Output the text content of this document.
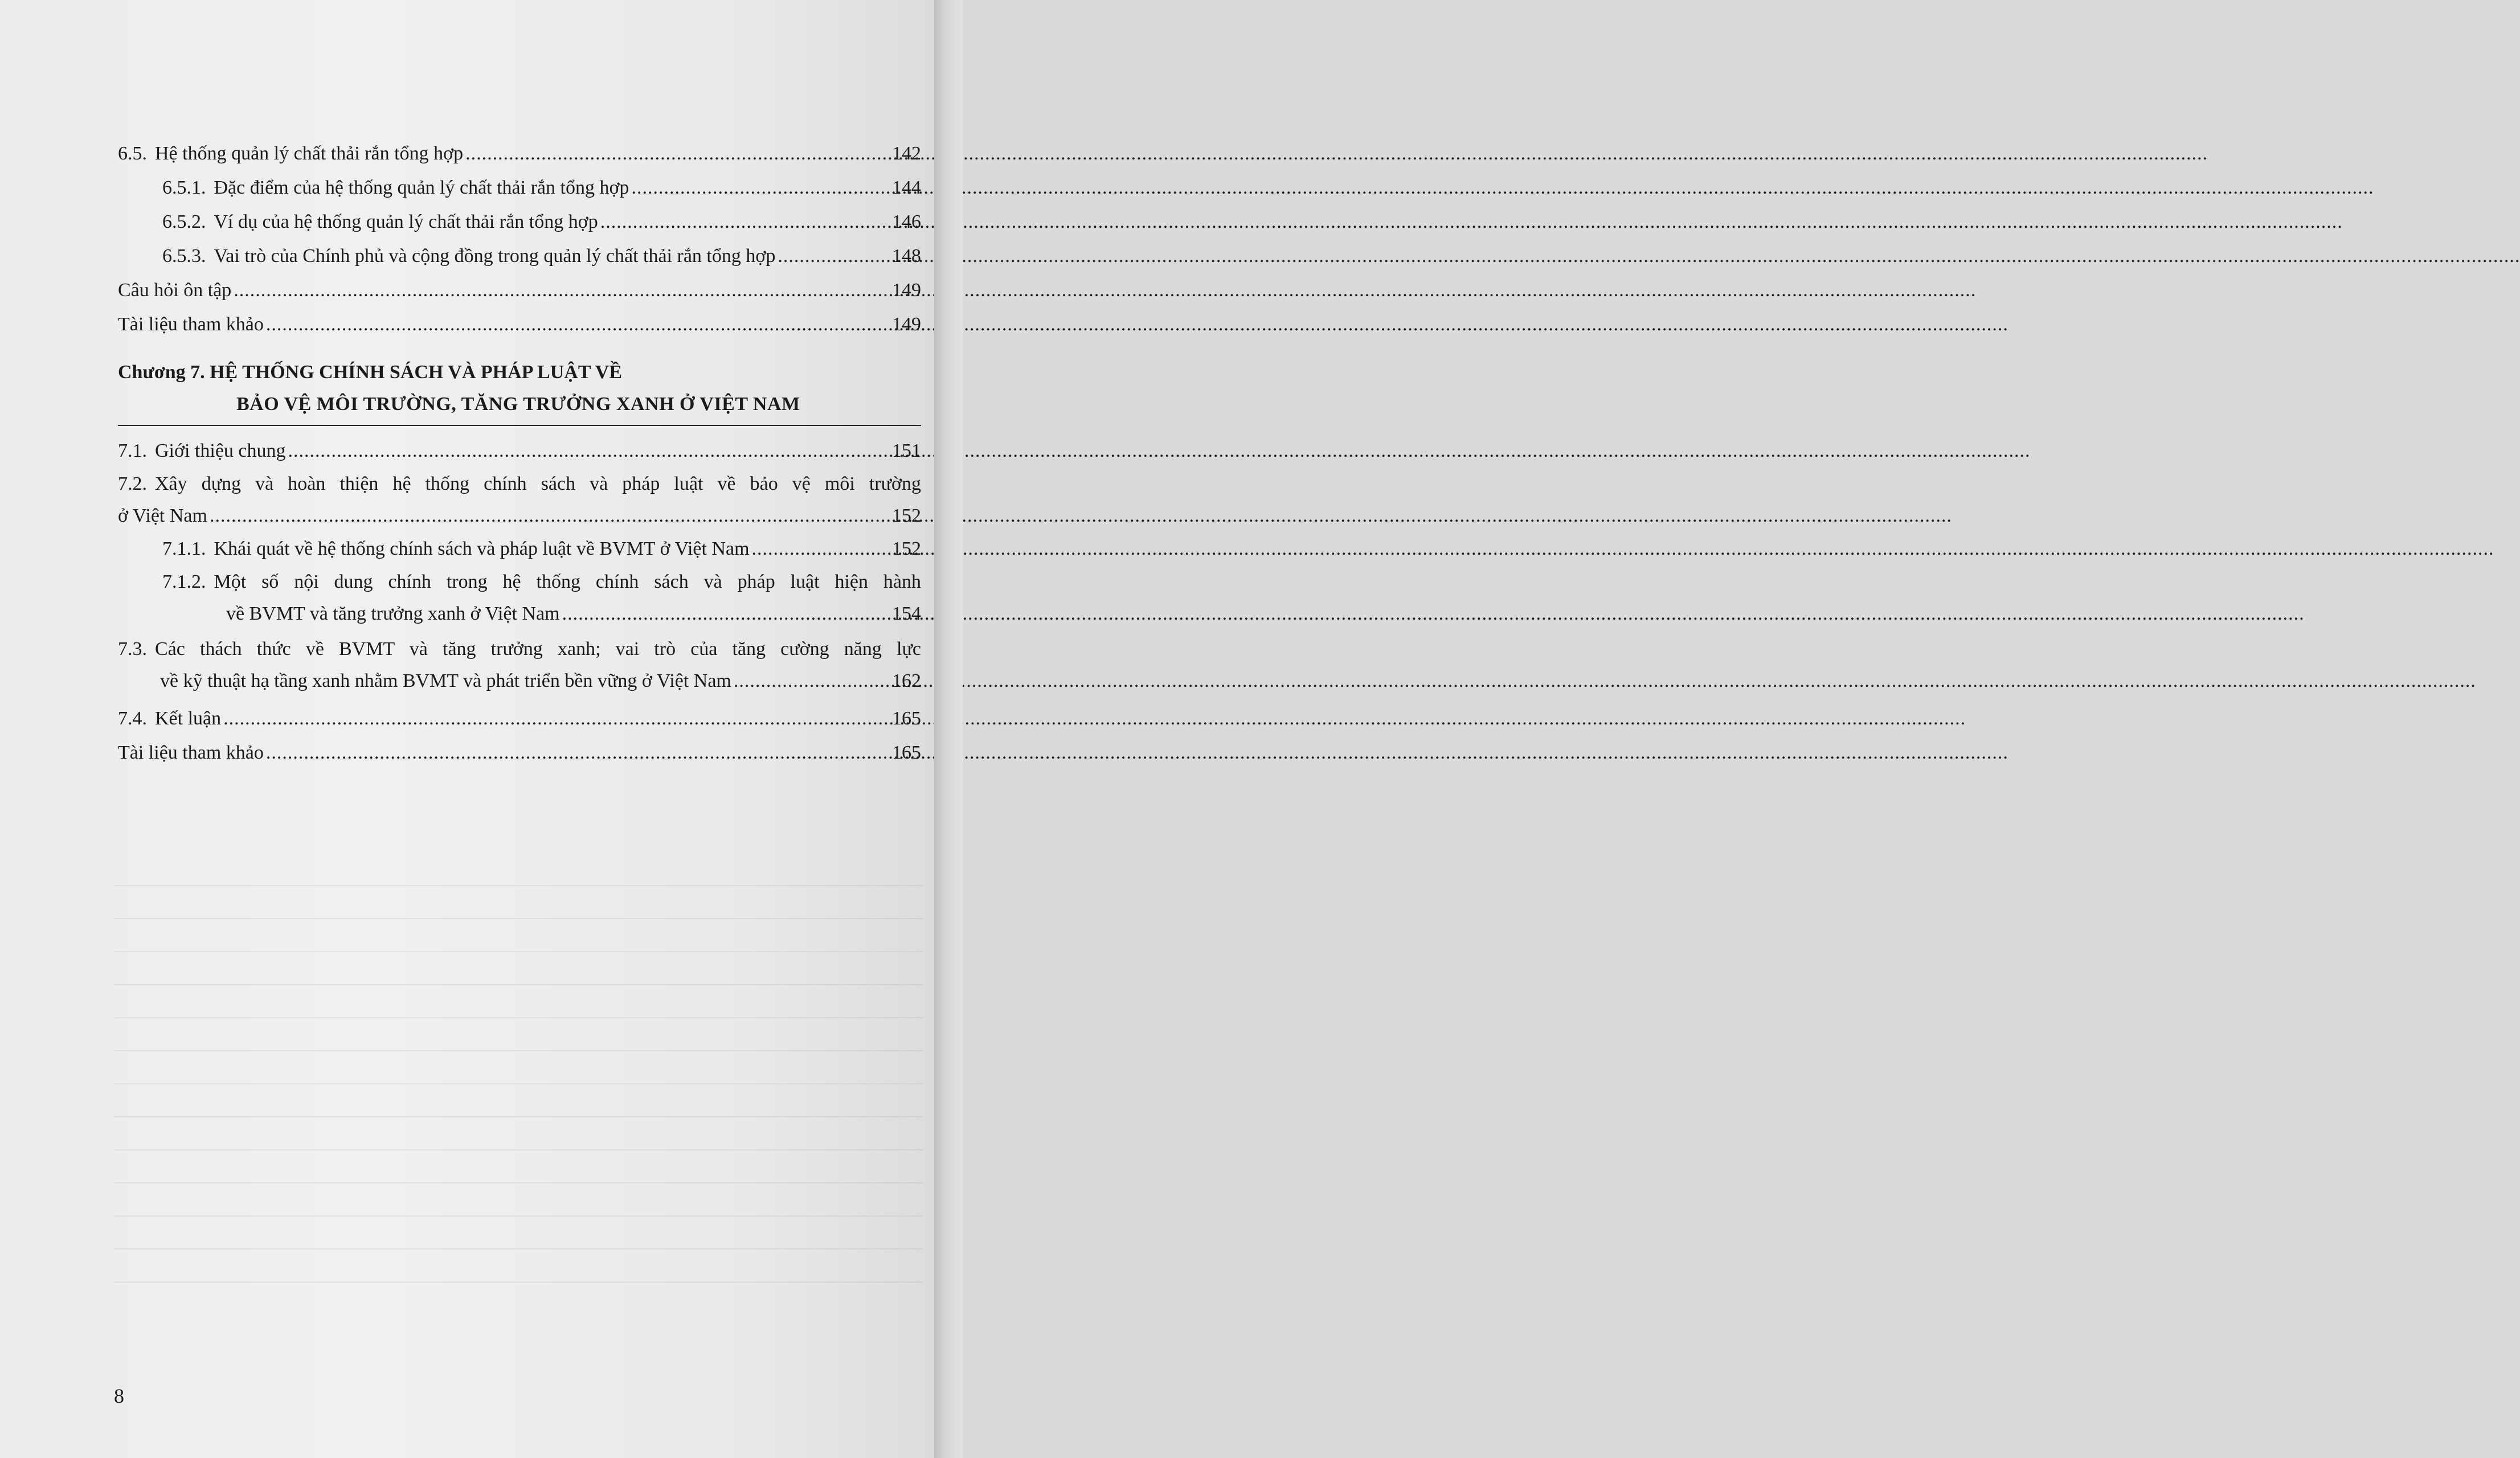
6.5. Hệ thống quản lý chất thải rắn tổng hợp .....	142
6.5.1. Đặc điểm của hệ thống quản lý chất thải rắn tổng hợp .....	144
6.5.2. Ví dụ của hệ thống quản lý chất thải rắn tổng hợp .....	146
6.5.3. Vai trò của Chính phủ và cộng đồng trong quản lý chất thải rắn tổng hợp .....	148
Câu hỏi ôn tập .....	149
Tài liệu tham khảo .....	149
Chương 7. HỆ THỐNG CHÍNH SÁCH VÀ PHÁP LUẬT VỀ
BẢO VỆ MÔI TRƯỜNG, TĂNG TRƯỞNG XANH Ở VIỆT NAM
7.1. Giới thiệu chung .....	151
7.2. Xây dựng và hoàn thiện hệ thống chính sách và pháp luật về bảo vệ môi trường
ở Việt Nam .....	152
7.1.1. Khái quát về hệ thống chính sách và pháp luật về BVMT ở Việt Nam .....	152
7.1.2. Một số nội dung chính trong hệ thống chính sách và pháp luật hiện hành
về BVMT và tăng trưởng xanh ở Việt Nam .....	154
7.3. Các thách thức về BVMT và tăng trưởng xanh; vai trò của tăng cường năng lực
về kỹ thuật hạ tầng xanh nhằm BVMT và phát triển bền vững ở Việt Nam .....	162
7.4. Kết luận .....	165
Tài liệu tham khảo .....	165
8
